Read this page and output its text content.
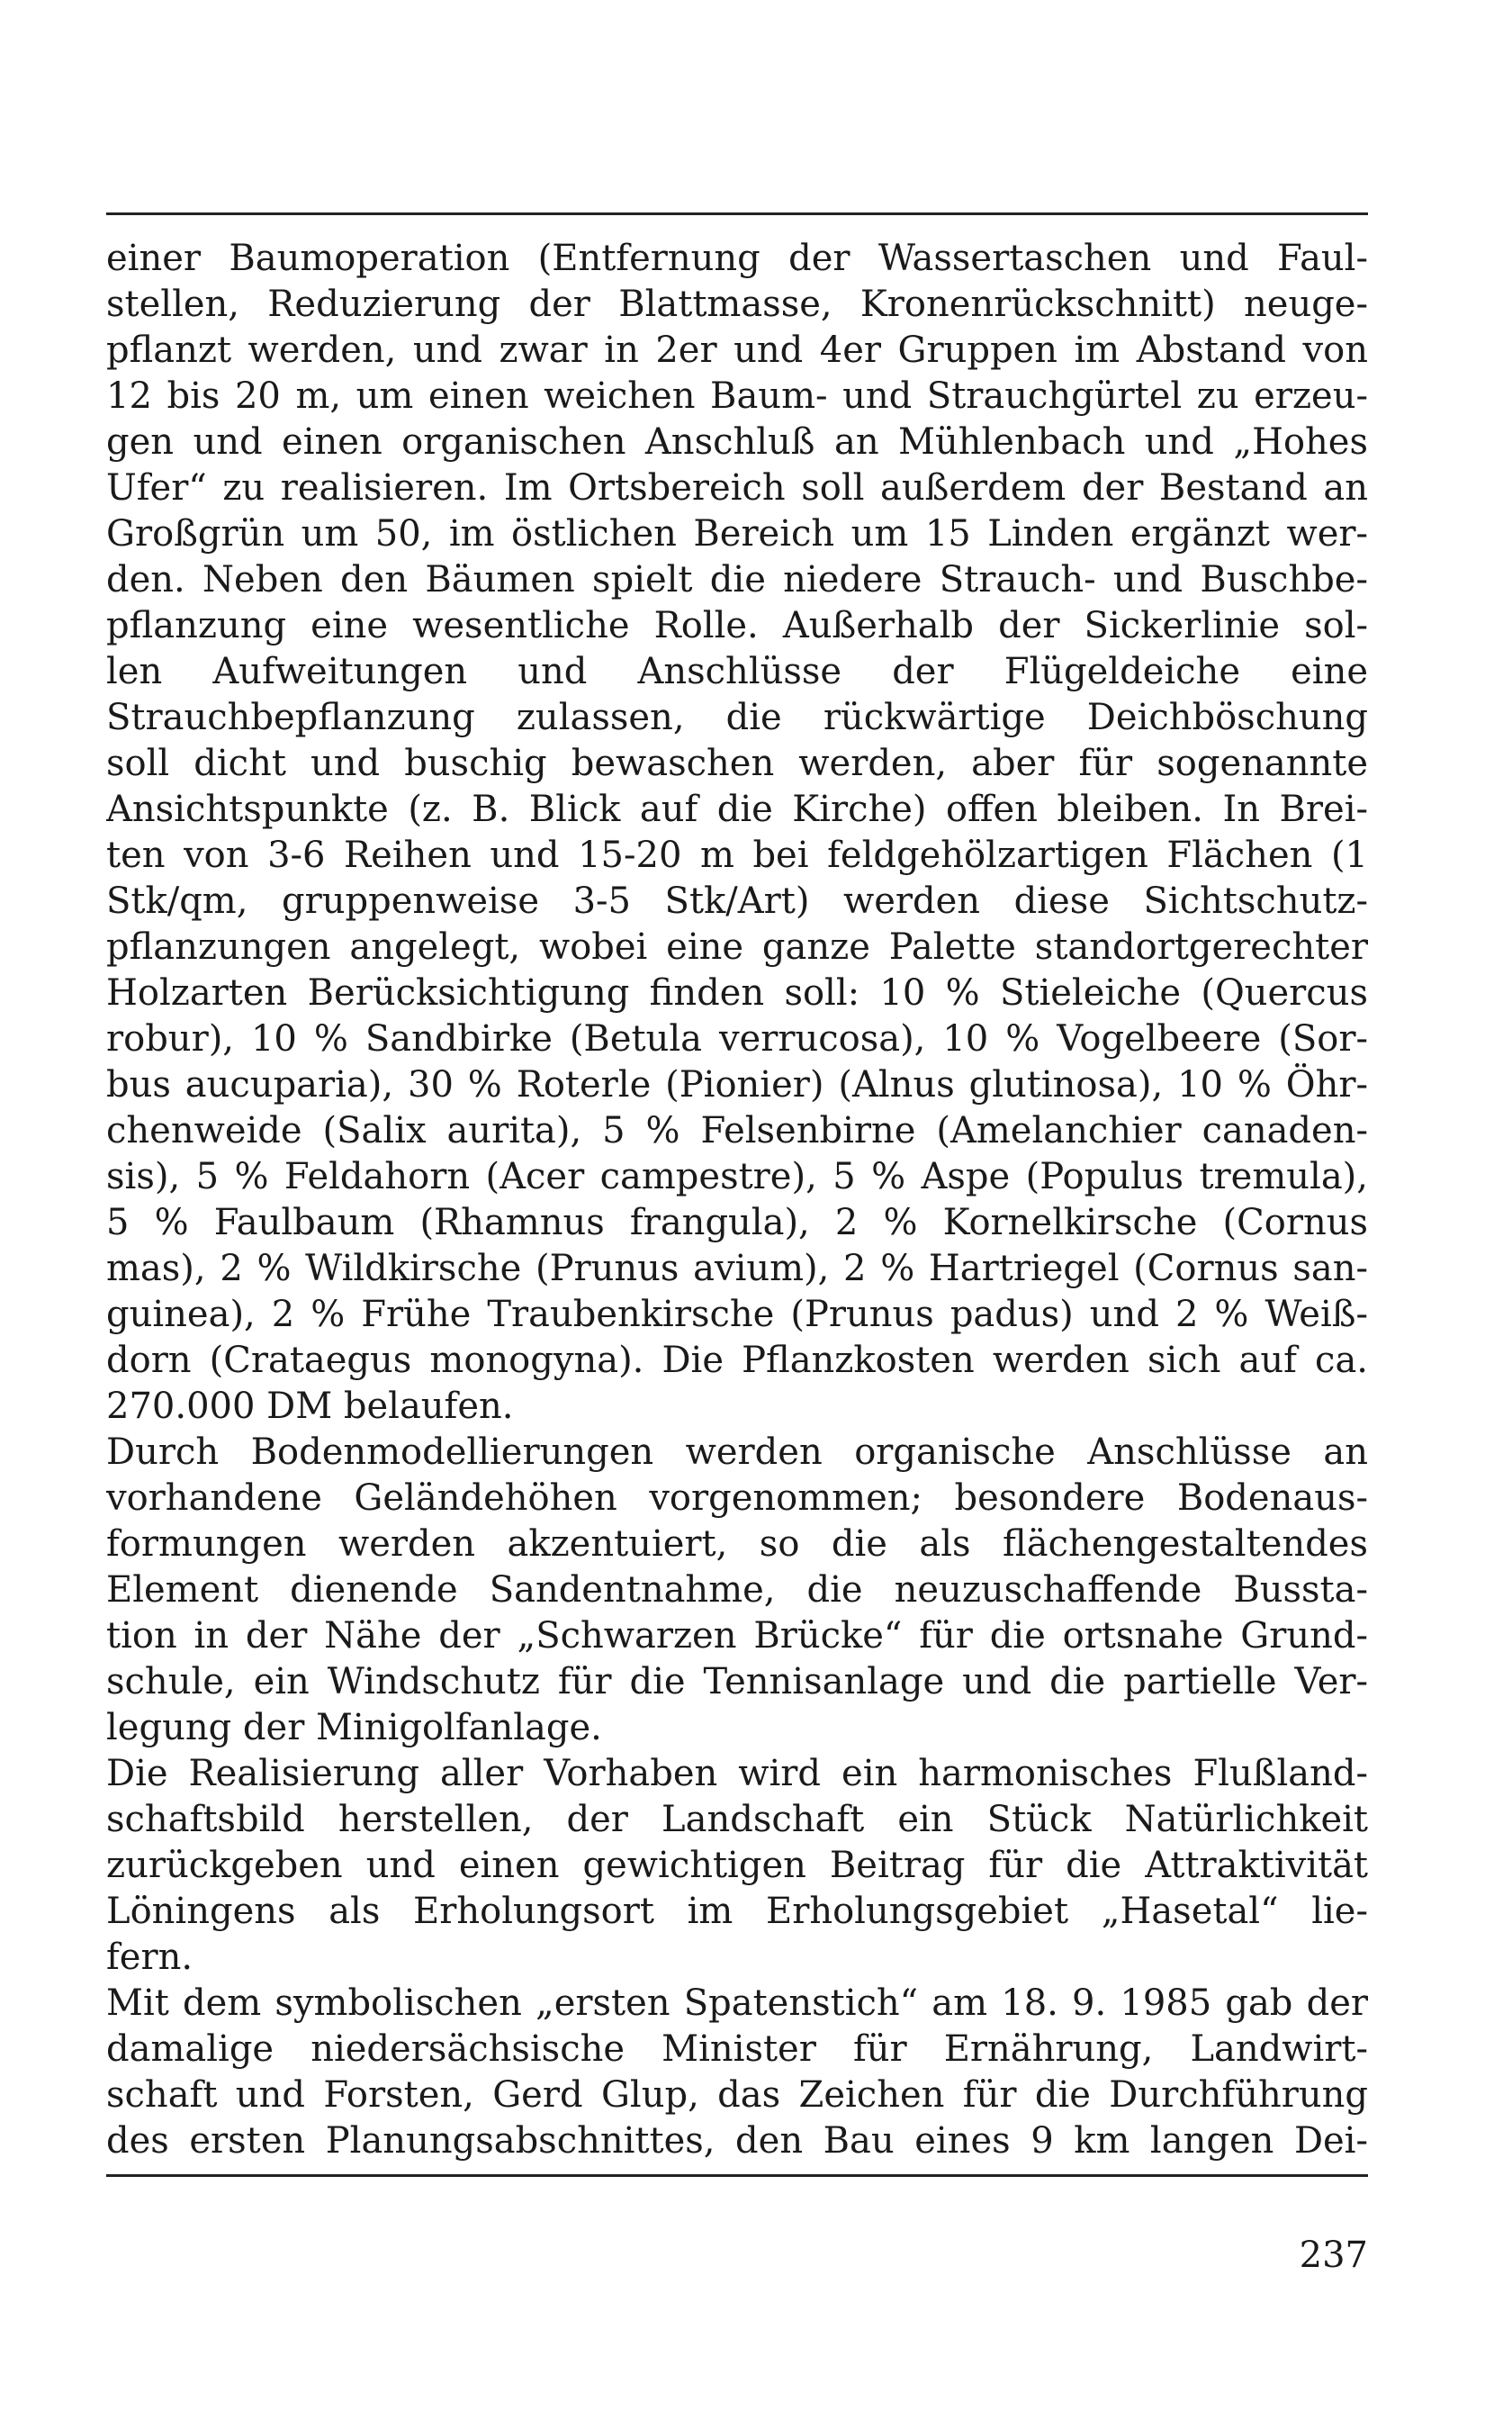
einer Baumoperation (Entfernung der Wassertaschen und Faul-
stellen, Reduzierung der Blattmasse, Kronenrückschnitt) neuge-
pflanzt werden, und zwar in 2er und 4er Gruppen im Abstand von
12 bis 20 m, um einen weichen Baum- und Strauchgürtel zu erzeu-
gen und einen organischen Anschluß an Mühlenbach und „Hohes
Ufer“ zu realisieren. Im Ortsbereich soll außerdem der Bestand an
Großgrün um 50, im östlichen Bereich um 15 Linden ergänzt wer-
den. Neben den Bäumen spielt die niedere Strauch- und Buschbe-
pflanzung eine wesentliche Rolle. Außerhalb der Sickerlinie sol-
len Aufweitungen und Anschlüsse der Flügeldeiche eine
Strauchbepflanzung zulassen, die rückwärtige Deichböschung
soll dicht und buschig bewaschen werden, aber für sogenannte
Ansichtspunkte (z. B. Blick auf die Kirche) offen bleiben. In Brei-
ten von 3-6 Reihen und 15-20 m bei feldgehölzartigen Flächen (1
Stk/qm, gruppenweise 3-5 Stk/Art) werden diese Sichtschutz-
pflanzungen angelegt, wobei eine ganze Palette standortgerechter
Holzarten Berücksichtigung finden soll: 10 % Stieleiche (Quercus
robur), 10 % Sandbirke (Betula verrucosa), 10 % Vogelbeere (Sor-
bus aucuparia), 30 % Roterle (Pionier) (Alnus glutinosa), 10 % Öhr-
chenweide (Salix aurita), 5 % Felsenbirne (Amelanchier canaden-
sis), 5 % Feldahorn (Acer campestre), 5 % Aspe (Populus tremula),
5 % Faulbaum (Rhamnus frangula), 2 % Kornelkirsche (Cornus
mas), 2 % Wildkirsche (Prunus avium), 2 % Hartriegel (Cornus san-
guinea), 2 % Frühe Traubenkirsche (Prunus padus) und 2 % Weiß-
dorn (Crataegus monogyna). Die Pflanzkosten werden sich auf ca.
270.000 DM belaufen.
Durch Bodenmodellierungen werden organische Anschlüsse an
vorhandene Geländehöhen vorgenommen; besondere Bodenaus-
formungen werden akzentuiert, so die als flächengestaltendes
Element dienende Sandentnahme, die neuzuschaffende Bussta-
tion in der Nähe der „Schwarzen Brücke“ für die ortsnahe Grund-
schule, ein Windschutz für die Tennisanlage und die partielle Ver-
legung der Minigolfanlage.
Die Realisierung aller Vorhaben wird ein harmonisches Flußland-
schaftsbild herstellen, der Landschaft ein Stück Natürlichkeit
zurückgeben und einen gewichtigen Beitrag für die Attraktivität
Löningens als Erholungsort im Erholungsgebiet „Hasetal“ lie-
fern.
Mit dem symbolischen „ersten Spatenstich“ am 18. 9. 1985 gab der
damalige niedersächsische Minister für Ernährung, Landwirt-
schaft und Forsten, Gerd Glup, das Zeichen für die Durchführung
des ersten Planungsabschnittes, den Bau eines 9 km langen Dei-
237
